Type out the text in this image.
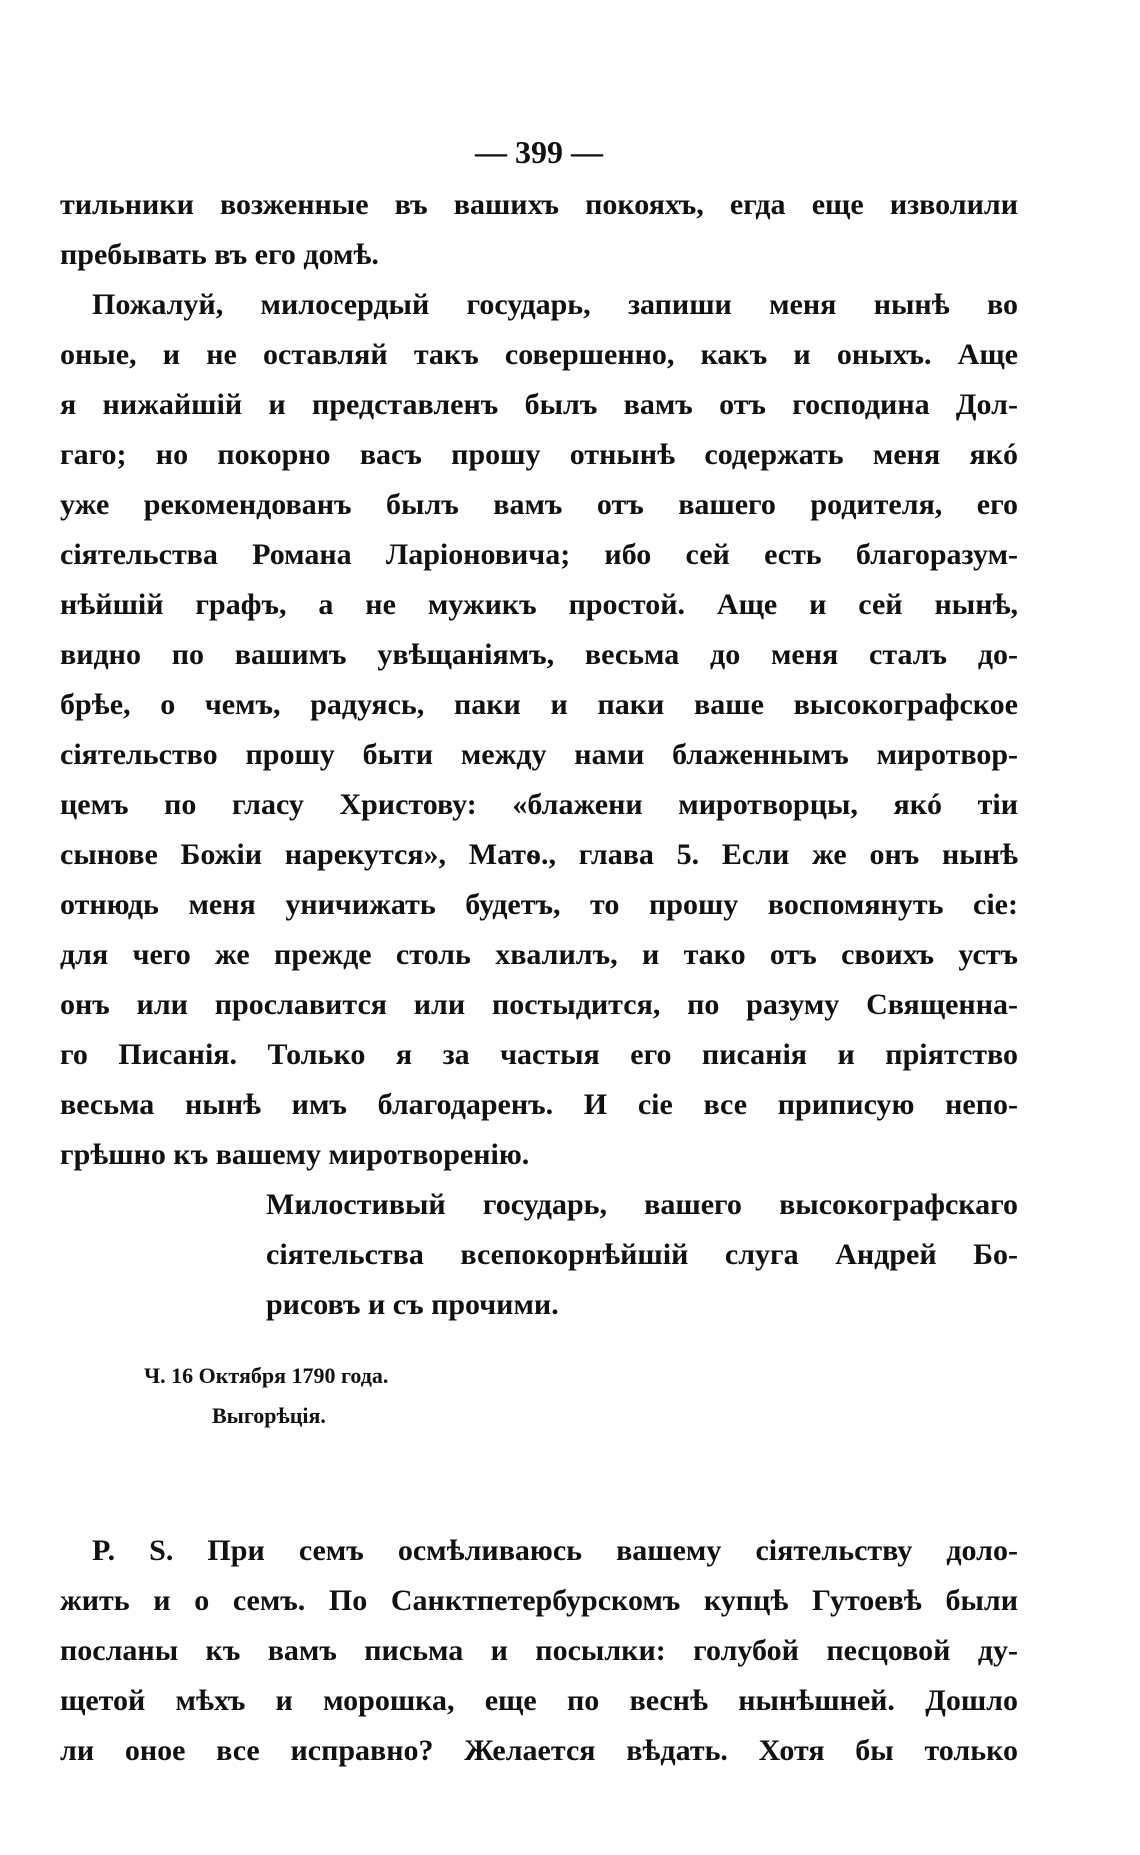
— 399 —
тильники возженные въ вашихъ покояхъ, егда еще изволили
пребывать въ его домѣ.
Пожалуй, милосердый государь, запиши меня нынѣ во
оные, и не оставляй такъ совершенно, какъ и оныхъ. Аще
я нижайшій и представленъ былъ вамъ отъ господина Дол-
гаго; но покорно васъ прошу отнынѣ содержать меня якó
уже рекомендованъ былъ вамъ отъ вашего родителя, его
сіятельства Романа Ларіоновича; ибо сей есть благоразум-
нѣйшій графъ, а не мужикъ простой. Аще и сей нынѣ,
видно по вашимъ увѣщаніямъ, весьма до меня сталъ до-
брѣе, о чемъ, радуясь, паки и паки ваше высокографское
сіятельство прошу быти между нами блаженнымъ миротвор-
цемъ по гласу Христову: «блажени миротворцы, якó тіи
сынове Божіи нарекутся», Матѳ., глава 5. Если же онъ нынѣ
отнюдь меня уничижать будетъ, то прошу воспомянуть сіе:
для чего же прежде столь хвалилъ, и тако отъ своихъ устъ
онъ или прославится или постыдится, по разуму Священна-
го Писанія. Только я за частыя его писанія и пріятство
весьма нынѣ имъ благодаренъ. И сіе все приписую непо-
грѣшно къ вашему миротворенію.
Милостивый государь, вашего высокографскаго
сіятельства всепокорнѣйшій слуга Андрей Бо-
рисовъ и съ прочими.
Ч. 16 Октября 1790 года.
Выгорѣція.
P. S. При семъ осмѣливаюсь вашему сіятельству доло-
жить и о семъ. По Санктпетербурскомъ купцѣ Гутоевѣ были
посланы къ вамъ письма и посылки: голубой песцовой ду-
щетой мѣхъ и морошка, еще по веснѣ нынѣшней. Дошло
ли оное все исправно? Желается вѣдать. Хотя бы только
